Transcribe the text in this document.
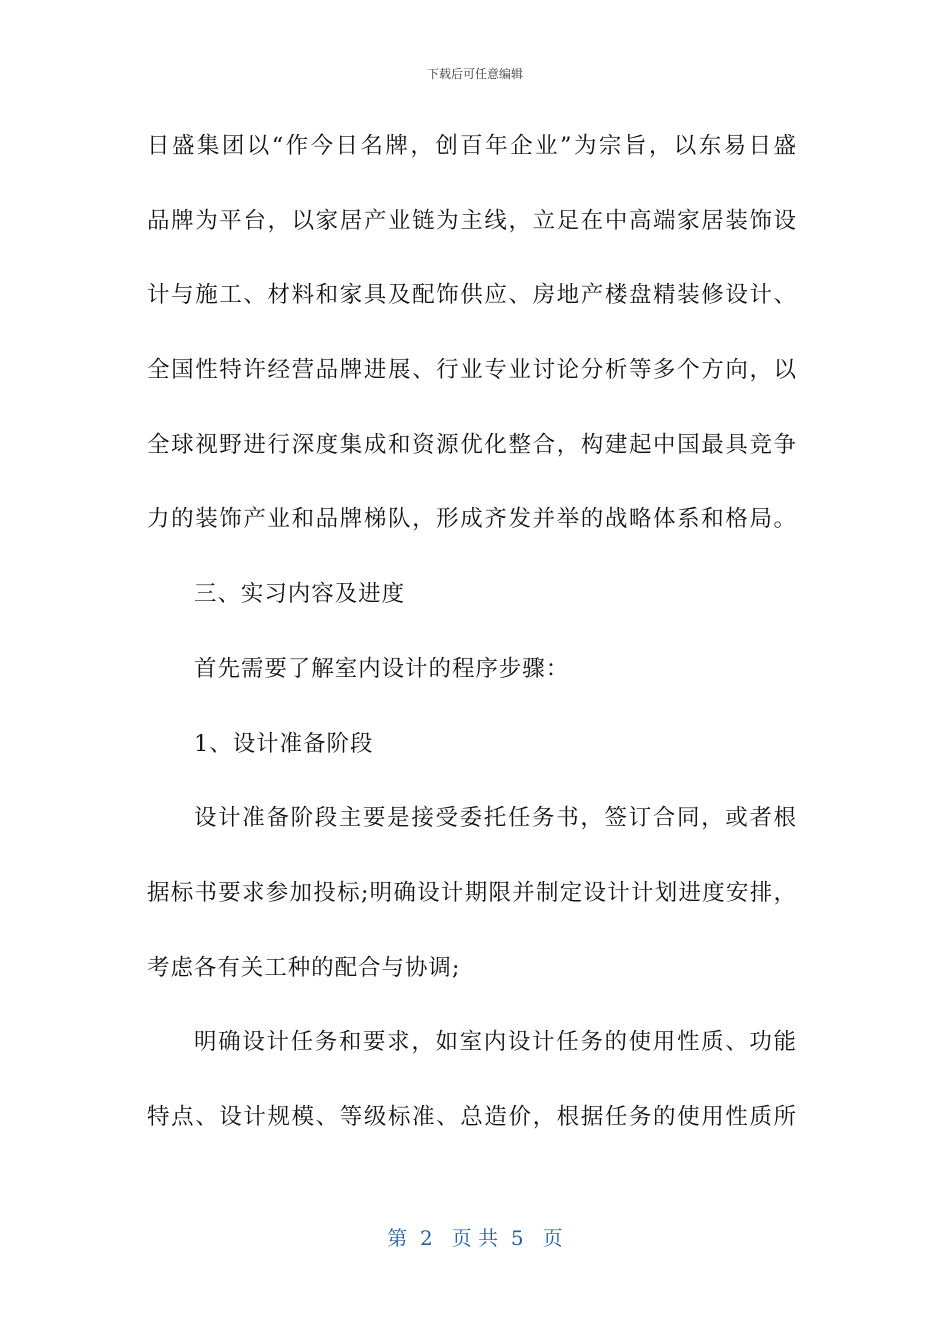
下载后可任意编辑

日盛集团以“作今日名牌，创百年企业”为宗旨，以东易日盛

品牌为平台，以家居产业链为主线，立足在中高端家居装饰设

计与施工、材料和家具及配饰供应、房地产楼盘精装修设计、

全国性特许经营品牌进展、行业专业讨论分析等多个方向，以

全球视野进行深度集成和资源优化整合，构建起中国最具竞争

力的装饰产业和品牌梯队，形成齐发并举的战略体系和格局。

三、实习内容及进度

首先需要了解室内设计的程序步骤：

1、设计准备阶段

设计准备阶段主要是接受委托任务书，签订合同，或者根

据标书要求参加投标;明确设计期限并制定设计计划进度安排，

考虑各有关工种的配合与协调;

明确设计任务和要求，如室内设计任务的使用性质、功能

特点、设计规模、等级标准、总造价，根据任务的使用性质所

第  2   页 共  5   页
